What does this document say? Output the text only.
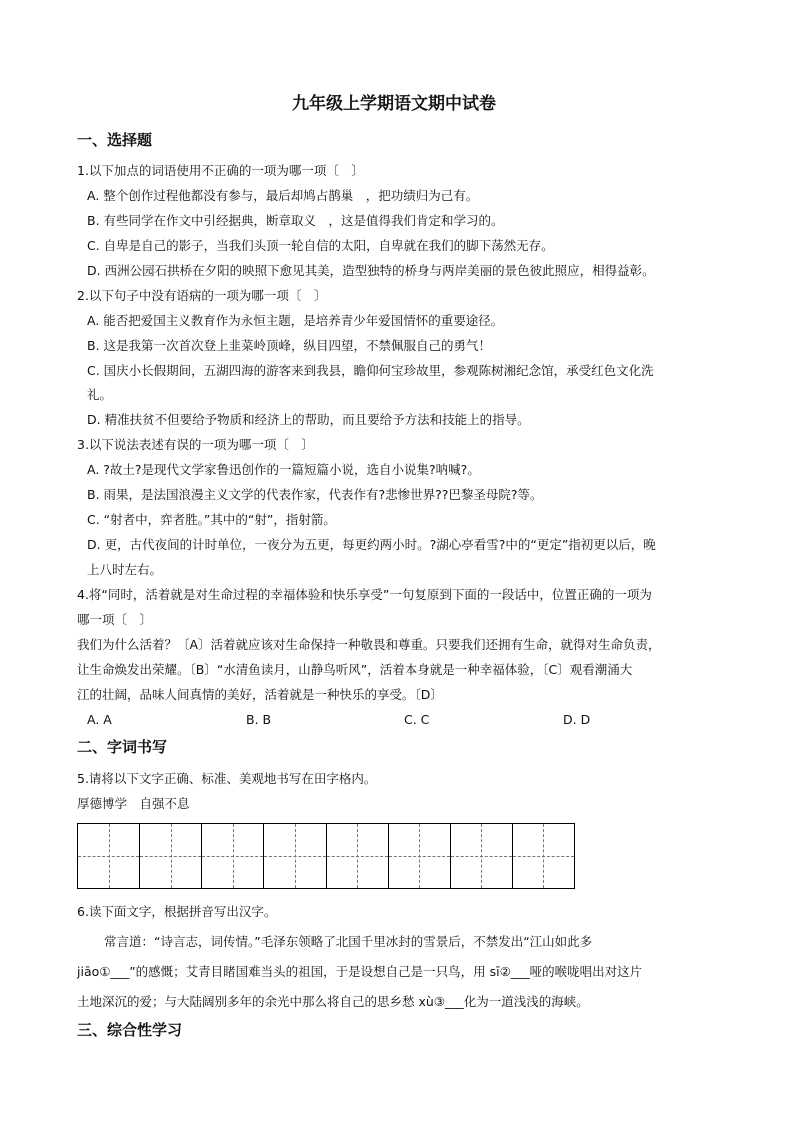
九年级上学期语文期中试卷
一、选择题
1.以下加点的词语使用不正确的一项为哪一项〔　〕
A. 整个创作过程他都没有参与，最后却鸠占鹊巢　，把功绩归为己有。
B. 有些同学在作文中引经据典，断章取义　，这是值得我们肯定和学习的。
C. 自卑是自己的影子，当我们头顶一轮自信的太阳，自卑就在我们的脚下荡然无存。
D. 西洲公园石拱桥在夕阳的映照下愈见其美，造型独特的桥身与两岸美丽的景色彼此照应，相得益彰。
2.以下句子中没有语病的一项为哪一项〔　〕
A. 能否把爱国主义教育作为永恒主题，是培养青少年爱国情怀的重要途径。
B. 这是我第一次首次登上韭菜岭顶峰，纵目四望，不禁佩服自己的勇气！
C. 国庆小长假期间，五湖四海的游客来到我县，瞻仰何宝珍故里，参观陈树湘纪念馆，承受红色文化洗
礼。
D. 精准扶贫不但要给予物质和经济上的帮助，而且要给予方法和技能上的指导。
3.以下说法表述有误的一项为哪一项〔　〕
A. ?故土?是现代文学家鲁迅创作的一篇短篇小说，选自小说集?呐喊?。
B. 雨果，是法国浪漫主义文学的代表作家，代表作有?悲惨世界??巴黎圣母院?等。
C. “射者中，弈者胜。”其中的“射”，指射箭。
D. 更，古代夜间的计时单位，一夜分为五更，每更约两小时。?湖心亭看雪?中的“更定”指初更以后，晚
上八时左右。
4.将“同时，活着就是对生命过程的幸福体验和快乐享受”一句复原到下面的一段话中，位置正确的一项为
哪一项〔　〕
我们为什么活着？〔A〕活着就应该对生命保持一种敬畏和尊重。只要我们还拥有生命，就得对生命负责，
让生命焕发出荣耀。〔B〕“水清鱼读月，山静鸟听风”，活着本身就是一种幸福体验，〔C〕观看潮涌大
江的壮阔，品味人间真情的美好，活着就是一种快乐的享受。〔D〕
A. A	B. B	C. C	D. D
二、字词书写
5.请将以下文字正确、标准、美观地书写在田字格内。
厚德博学　自强不息
6.读下面文字，根据拼音写出汉字。
常言道：“诗言志，词传情。”毛泽东领略了北国千里冰封的雪景后，不禁发出“江山如此多
jiāo①___”的感慨；艾青目睹国难当头的祖国，于是设想自己是一只鸟，用 sī②___哑的喉咙唱出对这片
土地深沉的爱；与大陆阔别多年的余光中那么将自己的思乡愁 xù③___化为一道浅浅的海峡。
三、综合性学习
